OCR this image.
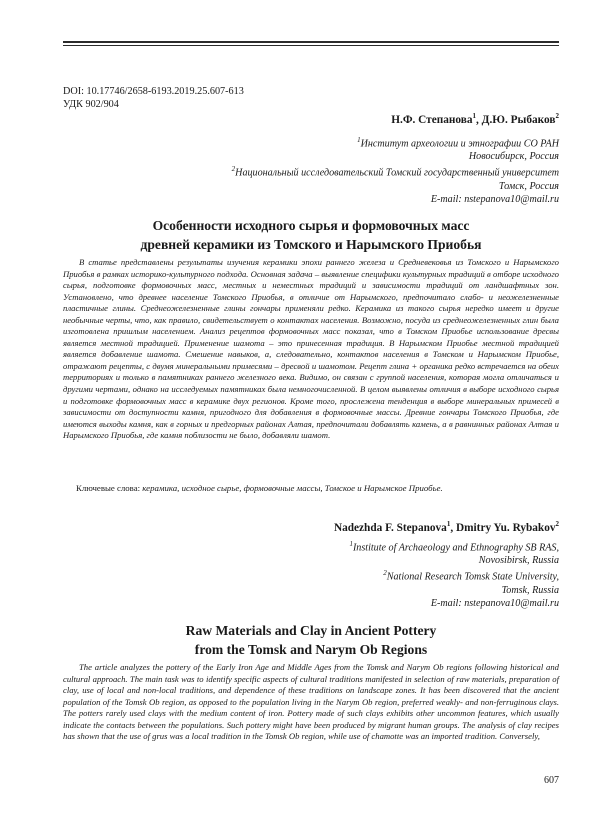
DOI: 10.17746/2658-6193.2019.25.607-613
УДК 902/904
Н.Ф. Степанова$^1$, Д.Ю. Рыбаков$^2$
$^1$Институт археологии и этнографии СО РАН
Новосибирск, Россия
$^2$Национальный исследовательский Томский государственный университет
Томск, Россия
E-mail: nstepanova10@mail.ru
Особенности исходного сырья и формовочных масс
древней керамики из Томского и Нарымского Приобья

В статье представлены результаты изучения керамики эпохи раннего железа и Средневековья из Томского и Нарымского Приобья в рамках историко-культурного подхода. Основная задача – выявление специфики культурных традиций в отборе исходного сырья, подготовке формовочных масс, местных и неместных традиций и зависимости традиций от ландшафтных зон. Установлено, что древнее население Томского Приобья, в отличие от Нарымского, предпочитало слабо- и неожелезненные пластичные глины. Среднеожелезненные глины гончары применяли редко. Керамика из такого сырья нередко имеет и другие необычные черты, что, как правило, свидетельствует о контактах населения. Возможно, посуда из среднеожелезненных глин была изготовлена пришлым населением. Анализ рецептов формовочных масс показал, что в Томском Приобье использование дресвы является местной традицией. Применение шамота – это принесенная традиция. В Нарымском Приобье местной традицией является добавление шамота. Смешение навыков, а, следовательно, контактов населения в Томском и Нарымском Приобье, отражают рецепты, с двумя минеральными примесями – дресвой и шамотом. Рецепт глина + органика редко встречается на обеих территориях и только в памятниках раннего железного века. Видимо, он связан с группой населения, которая могла отличаться и другими чертами, однако на исследуемых памятниках была немногочисленной. В целом выявлены отличия в выборе исходного сырья и подготовке формовочных масс в керамике двух регионов. Кроме того, прослежена тенденция в выборе минеральных примесей в зависимости от доступности камня, пригодного для добавления в формовочные массы. Древние гончары Томского Приобья, где имеются выходы камня, как в горных и предгорных районах Алтая, предпочитали добавлять камень, а в равнинных районах Алтая и Нарымского Приобья, где камня поблизости не было, добавляли шамот.

Ключевые слова: керамика, исходное сырье, формовочные массы, Томское и Нарымское Приобье.
Nadezhda F. Stepanova$^1$, Dmitry Yu. Rybakov$^2$
$^1$Institute of Archaeology and Ethnography SB RAS,
Novosibirsk, Russia
$^2$National Research Tomsk State University,
Tomsk, Russia
E-mail: nstepanova10@mail.ru
Raw Materials and Clay in Ancient Pottery
from the Tomsk and Narym Ob Regions

The article analyzes the pottery of the Early Iron Age and Middle Ages from the Tomsk and Narym Ob regions following historical and cultural approach. The main task was to identify specific aspects of cultural traditions manifested in selection of raw materials, preparation of clay, use of local and non-local traditions, and dependence of these traditions on landscape zones. It has been discovered that the ancient population of the Tomsk Ob region, as opposed to the population living in the Narym Ob region, preferred weakly- and non-ferruginous clays. The potters rarely used clays with the medium content of iron. Pottery made of such clays exhibits other uncommon features, which usually indicate the contacts between the populations. Such pottery might have been produced by migrant human groups. The analysis of clay recipes has shown that the use of grus was a local tradition in the Tomsk Ob region, while use of chamotte was an imported tradition. Conversely,

607
